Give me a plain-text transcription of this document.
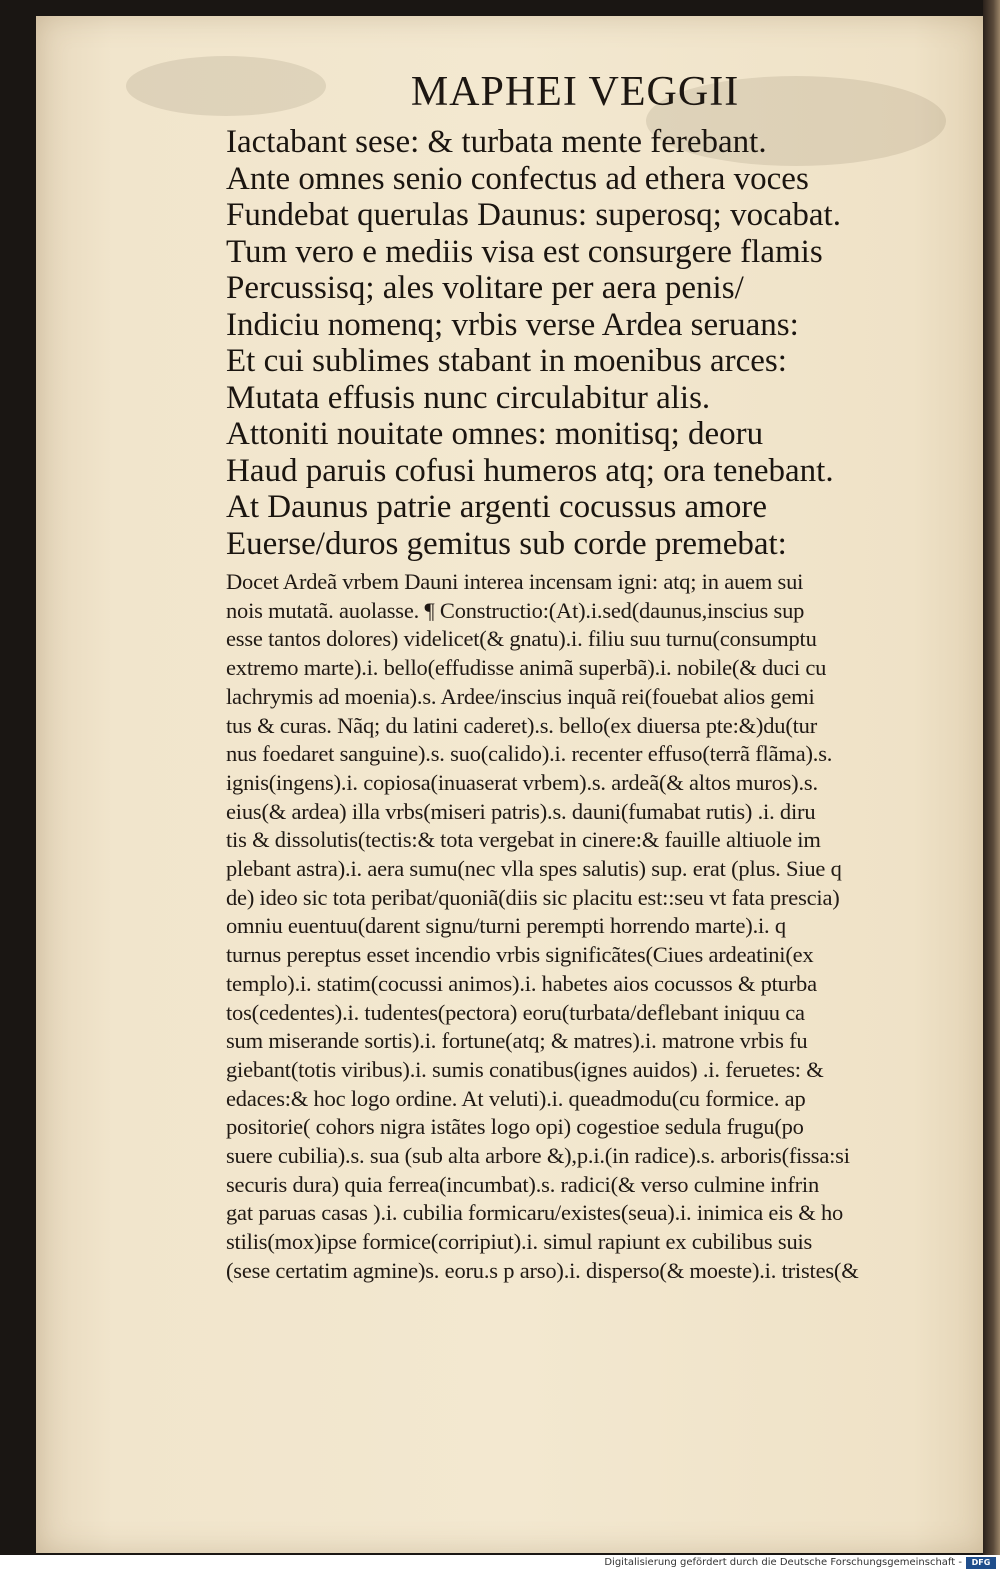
MAPHEI VEGGII
Iactabant sese: & turbata mente ferebant.
Ante omnes senio confectus ad ethera voces
Fundebat querulas Daunus: superosq; vocabat.
Tum vero e mediis visa est consurgere flamis
Percussisq; ales volitare per aera penis/
Indiciu nomenq; vrbis verse Ardea seruans:
Et cui sublimes stabant in moenibus arces:
Mutata effusis nunc circulabitur alis.
Attoniti nouitate omnes: monitisq; deoru
Haud paruis cofusi humeros atq; ora tenebant.
At Daunus patrie argenti cocussus amore
Euerse/duros gemitus sub corde premebat:
Docet Ardeã vrbem Dauni interea incensam igni: atq; in auem sui
nois mutatã. auolasse. ¶ Constructio:(At).i.sed(daunus,inscius sup
esse tantos dolores) videlicet(& gnatu).i. filiu suu turnu(consumptu
extremo marte).i. bello(effudisse animã superbã).i. nobile(& duci cu
lachrymis ad moenia).s. Ardee/inscius inquã rei(fouebat alios gemi
tus & curas. Nãq; du latini caderet).s. bello(ex diuersa pte:&)du(tur
nus foedaret sanguine).s. suo(calido).i. recenter effuso(terrã flãma).s.
ignis(ingens).i. copiosa(inuaserat vrbem).s. ardeã(& altos muros).s.
eius(& ardea) illa vrbs(miseri patris).s. dauni(fumabat rutis) .i. diru
tis & dissolutis(tectis:& tota vergebat in cinere:& fauille altiuole im
plebant astra).i. aera sumu(nec vlla spes salutis) sup. erat (plus. Siue q
de) ideo sic tota peribat/quoniã(diis sic placitu est::seu vt fata prescia)
omniu euentuu(darent signu/turni perempti horrendo marte).i. q
turnus pereptus esset incendio vrbis significãtes(Ciues ardeatini(ex
templo).i. statim(cocussi animos).i. habetes aios cocussos & pturba
tos(cedentes).i. tudentes(pectora) eoru(turbata/deflebant iniquu ca
sum miserande sortis).i. fortune(atq; & matres).i. matrone vrbis fu
giebant(totis viribus).i. sumis conatibus(ignes auidos) .i. feruetes: &
edaces:& hoc logo ordine. At veluti).i. queadmodu(cu formice. ap
positorie( cohors nigra istãtes logo opi) cogestioe sedula frugu(po
suere cubilia).s. sua (sub alta arbore &),p.i.(in radice).s. arboris(fissa:si
securis dura) quia ferrea(incumbat).s. radici(& verso culmine infrin
gat paruas casas ).i. cubilia formicaru/existes(seua).i. inimica eis & ho
stilis(mox)ipse formice(corripiut).i. simul rapiunt ex cubilibus suis
(sese certatim agmine)s. eoru.s p arso).i. disperso(& moeste).i. tristes(&
Digitalisierung gefördert durch die Deutsche Forschungsgemeinschaft -	DFG
